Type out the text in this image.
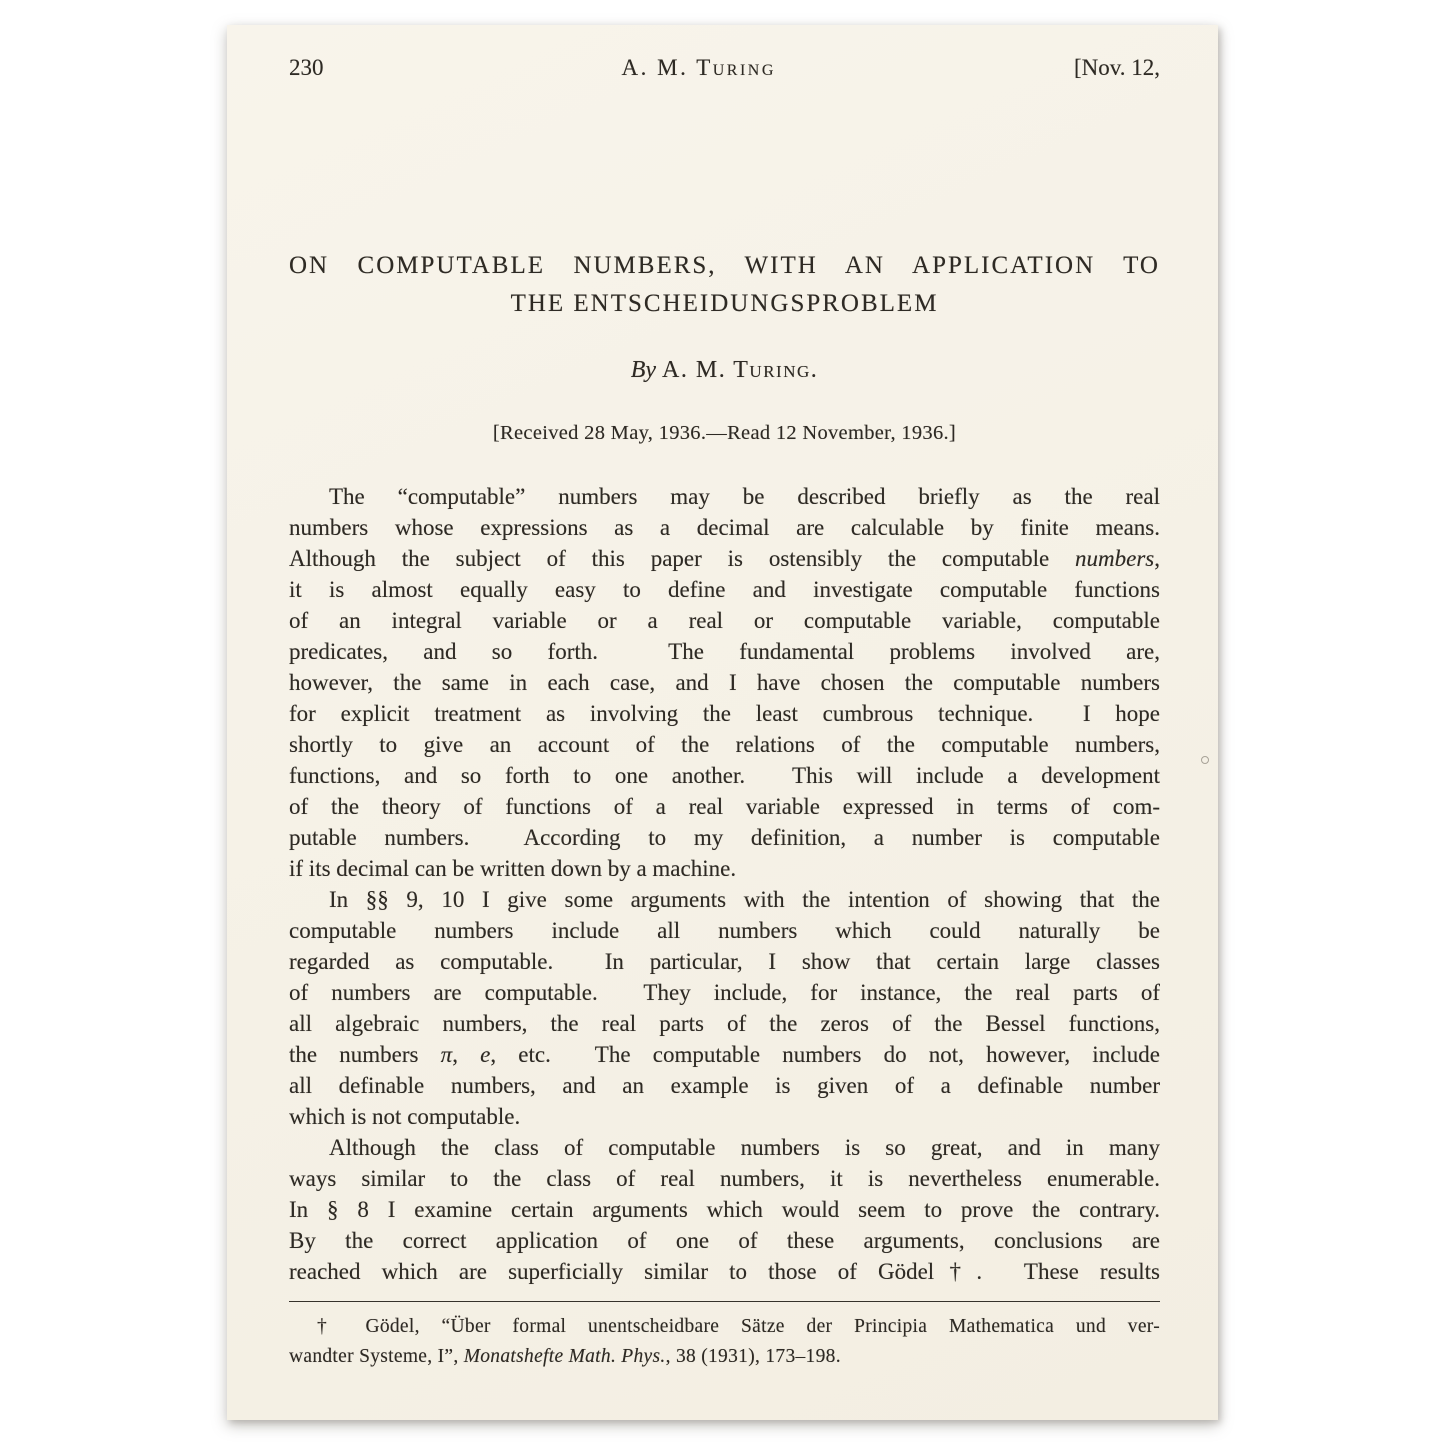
230	A. M. Turing	[Nov. 12,
ON COMPUTABLE NUMBERS, WITH AN APPLICATION TO
THE ENTSCHEIDUNGSPROBLEM
By A. M. Turing.
[Received 28 May, 1936.—Read 12 November, 1936.]
The “computable” numbers may be described briefly as the real
numbers whose expressions as a decimal are calculable by finite means.
Although the subject of this paper is ostensibly the computable numbers,
it is almost equally easy to define and investigate computable functions
of an integral variable or a real or computable variable, computable
predicates, and so forth.  The fundamental problems involved are,
however, the same in each case, and I have chosen the computable numbers
for explicit treatment as involving the least cumbrous technique.  I hope
shortly to give an account of the relations of the computable numbers,
functions, and so forth to one another.  This will include a development
of the theory of functions of a real variable expressed in terms of com-
putable numbers.  According to my definition, a number is computable
if its decimal can be written down by a machine.
In §§ 9, 10 I give some arguments with the intention of showing that the
computable numbers include all numbers which could naturally be
regarded as computable.  In particular, I show that certain large classes
of numbers are computable.  They include, for instance, the real parts of
all algebraic numbers, the real parts of the zeros of the Bessel functions,
the numbers π, e, etc.  The computable numbers do not, however, include
all definable numbers, and an example is given of a definable number
which is not computable.
Although the class of computable numbers is so great, and in many
ways similar to the class of real numbers, it is nevertheless enumerable.
In § 8 I examine certain arguments which would seem to prove the contrary.
By the correct application of one of these arguments, conclusions are
reached which are superficially similar to those of Gödel†.  These results
† Gödel, “Über formal unentscheidbare Sätze der Principia Mathematica und ver-
wandter Systeme, I”, Monatshefte Math. Phys., 38 (1931), 173–198.
